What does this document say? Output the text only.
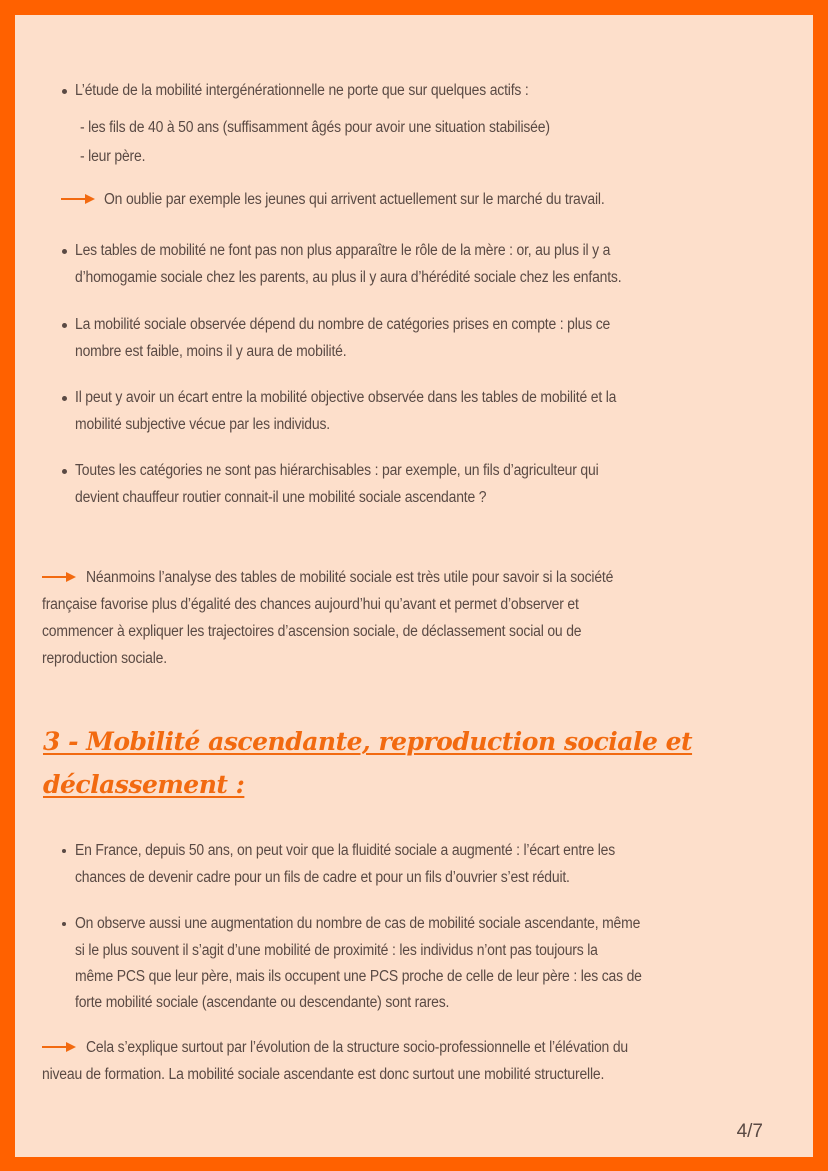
L’étude de la mobilité intergénérationnelle ne porte que sur quelques actifs :
- les fils de 40 à 50 ans (suffisamment âgés pour avoir une situation stabilisée)
- leur père.
On oublie par exemple les jeunes qui arrivent actuellement sur le marché du travail.
Les tables de mobilité ne font pas non plus apparaître le rôle de la mère : or, au plus il y a
d’homogamie sociale chez les parents, au plus il y aura d’hérédité sociale chez les enfants.
La mobilité sociale observée dépend du nombre de catégories prises en compte : plus ce
nombre est faible, moins il y aura de mobilité.
Il peut y avoir un écart entre la mobilité objective observée dans les tables de mobilité et la
mobilité subjective vécue par les individus.
Toutes les catégories ne sont pas hiérarchisables : par exemple, un fils d’agriculteur qui
devient chauffeur routier connait-il une mobilité sociale ascendante ?
Néanmoins l’analyse des tables de mobilité sociale est très utile pour savoir si la société
française favorise plus d’égalité des chances aujourd’hui qu’avant et permet d’observer et
commencer à expliquer les trajectoires d’ascension sociale, de déclassement social ou de
reproduction sociale.
3 - Mobilité ascendante, reproduction sociale et
déclassement :
En France, depuis 50 ans, on peut voir que la fluidité sociale a augmenté : l’écart entre les
chances de devenir cadre pour un fils de cadre et pour un fils d’ouvrier s’est réduit.
On observe aussi une augmentation du nombre de cas de mobilité sociale ascendante, même
si le plus souvent il s’agit d’une mobilité de proximité : les individus n’ont pas toujours la
même PCS que leur père, mais ils occupent une PCS proche de celle de leur père : les cas de
forte mobilité sociale (ascendante ou descendante) sont rares.
Cela s’explique surtout par l’évolution de la structure socio-professionnelle et l’élévation du
niveau de formation. La mobilité sociale ascendante est donc surtout une mobilité structurelle.
4/7
